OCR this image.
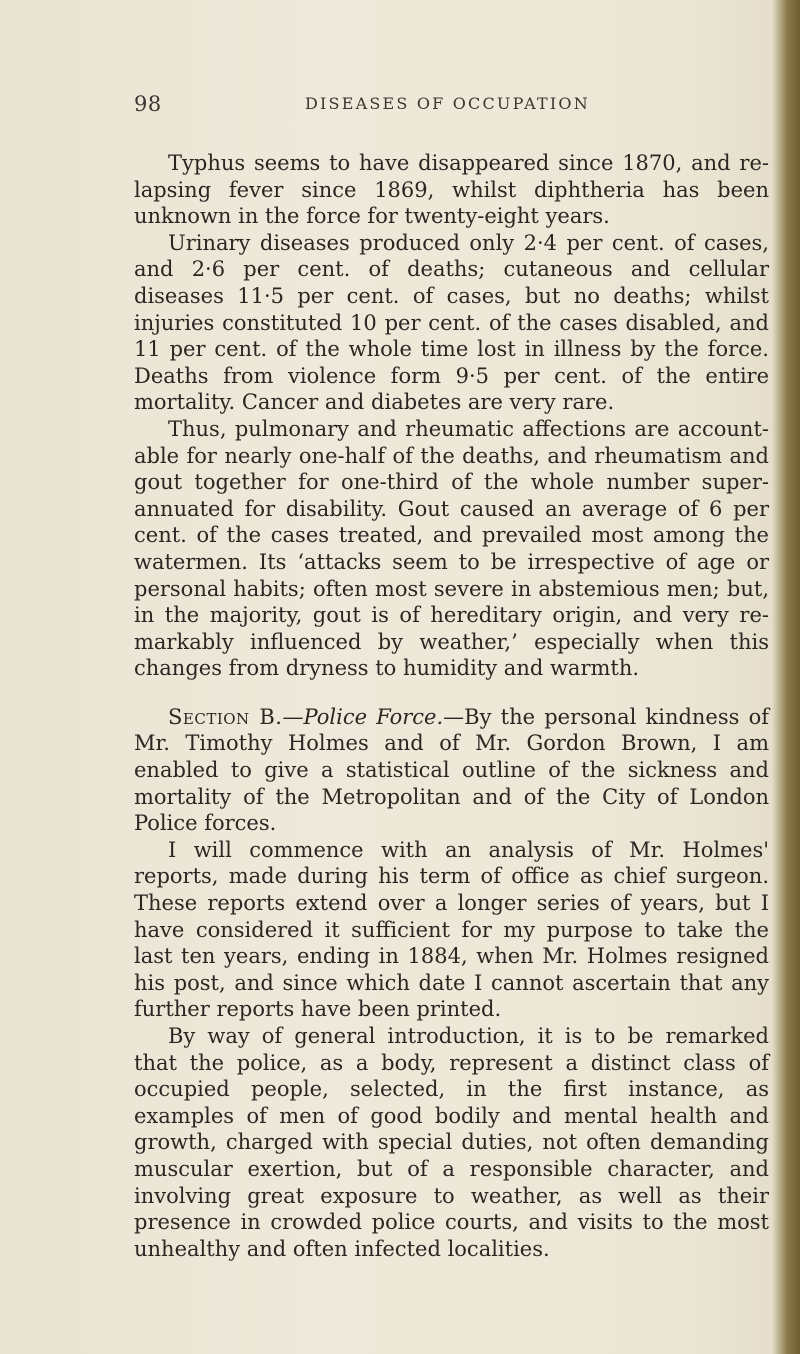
98	DISEASES OF OCCUPATION

Typhus seems to have disappeared since 1870, and re-lapsing fever since 1869, whilst diphtheria has been unknown in the force for twenty-eight years.

Urinary diseases produced only 2·4 per cent. of cases, and 2·6 per cent. of deaths; cutaneous and cellular diseases 11·5 per cent. of cases, but no deaths; whilst injuries constituted 10 per cent. of the cases disabled, and 11 per cent. of the whole time lost in illness by the force. Deaths from violence form 9·5 per cent. of the entire mortality. Cancer and diabetes are very rare.

Thus, pulmonary and rheumatic affections are account-able for nearly one-half of the deaths, and rheumatism and gout together for one-third of the whole number super-annuated for disability. Gout caused an average of 6 per cent. of the cases treated, and prevailed most among the watermen. Its ‘attacks seem to be irrespective of age or personal habits; often most severe in abstemious men; but, in the majority, gout is of hereditary origin, and very re-markably influenced by weather,’ especially when this changes from dryness to humidity and warmth.

Section B.—Police Force.—By the personal kindness of Mr. Timothy Holmes and of Mr. Gordon Brown, I am enabled to give a statistical outline of the sickness and mortality of the Metropolitan and of the City of London Police forces.

I will commence with an analysis of Mr. Holmes' reports, made during his term of office as chief surgeon. These reports extend over a longer series of years, but I have considered it sufficient for my purpose to take the last ten years, ending in 1884, when Mr. Holmes resigned his post, and since which date I cannot ascertain that any further reports have been printed.

By way of general introduction, it is to be remarked that the police, as a body, represent a distinct class of occupied people, selected, in the first instance, as examples of men of good bodily and mental health and growth, charged with special duties, not often demanding muscular exertion, but of a responsible character, and involving great exposure to weather, as well as their presence in crowded police courts, and visits to the most unhealthy and often infected localities.
